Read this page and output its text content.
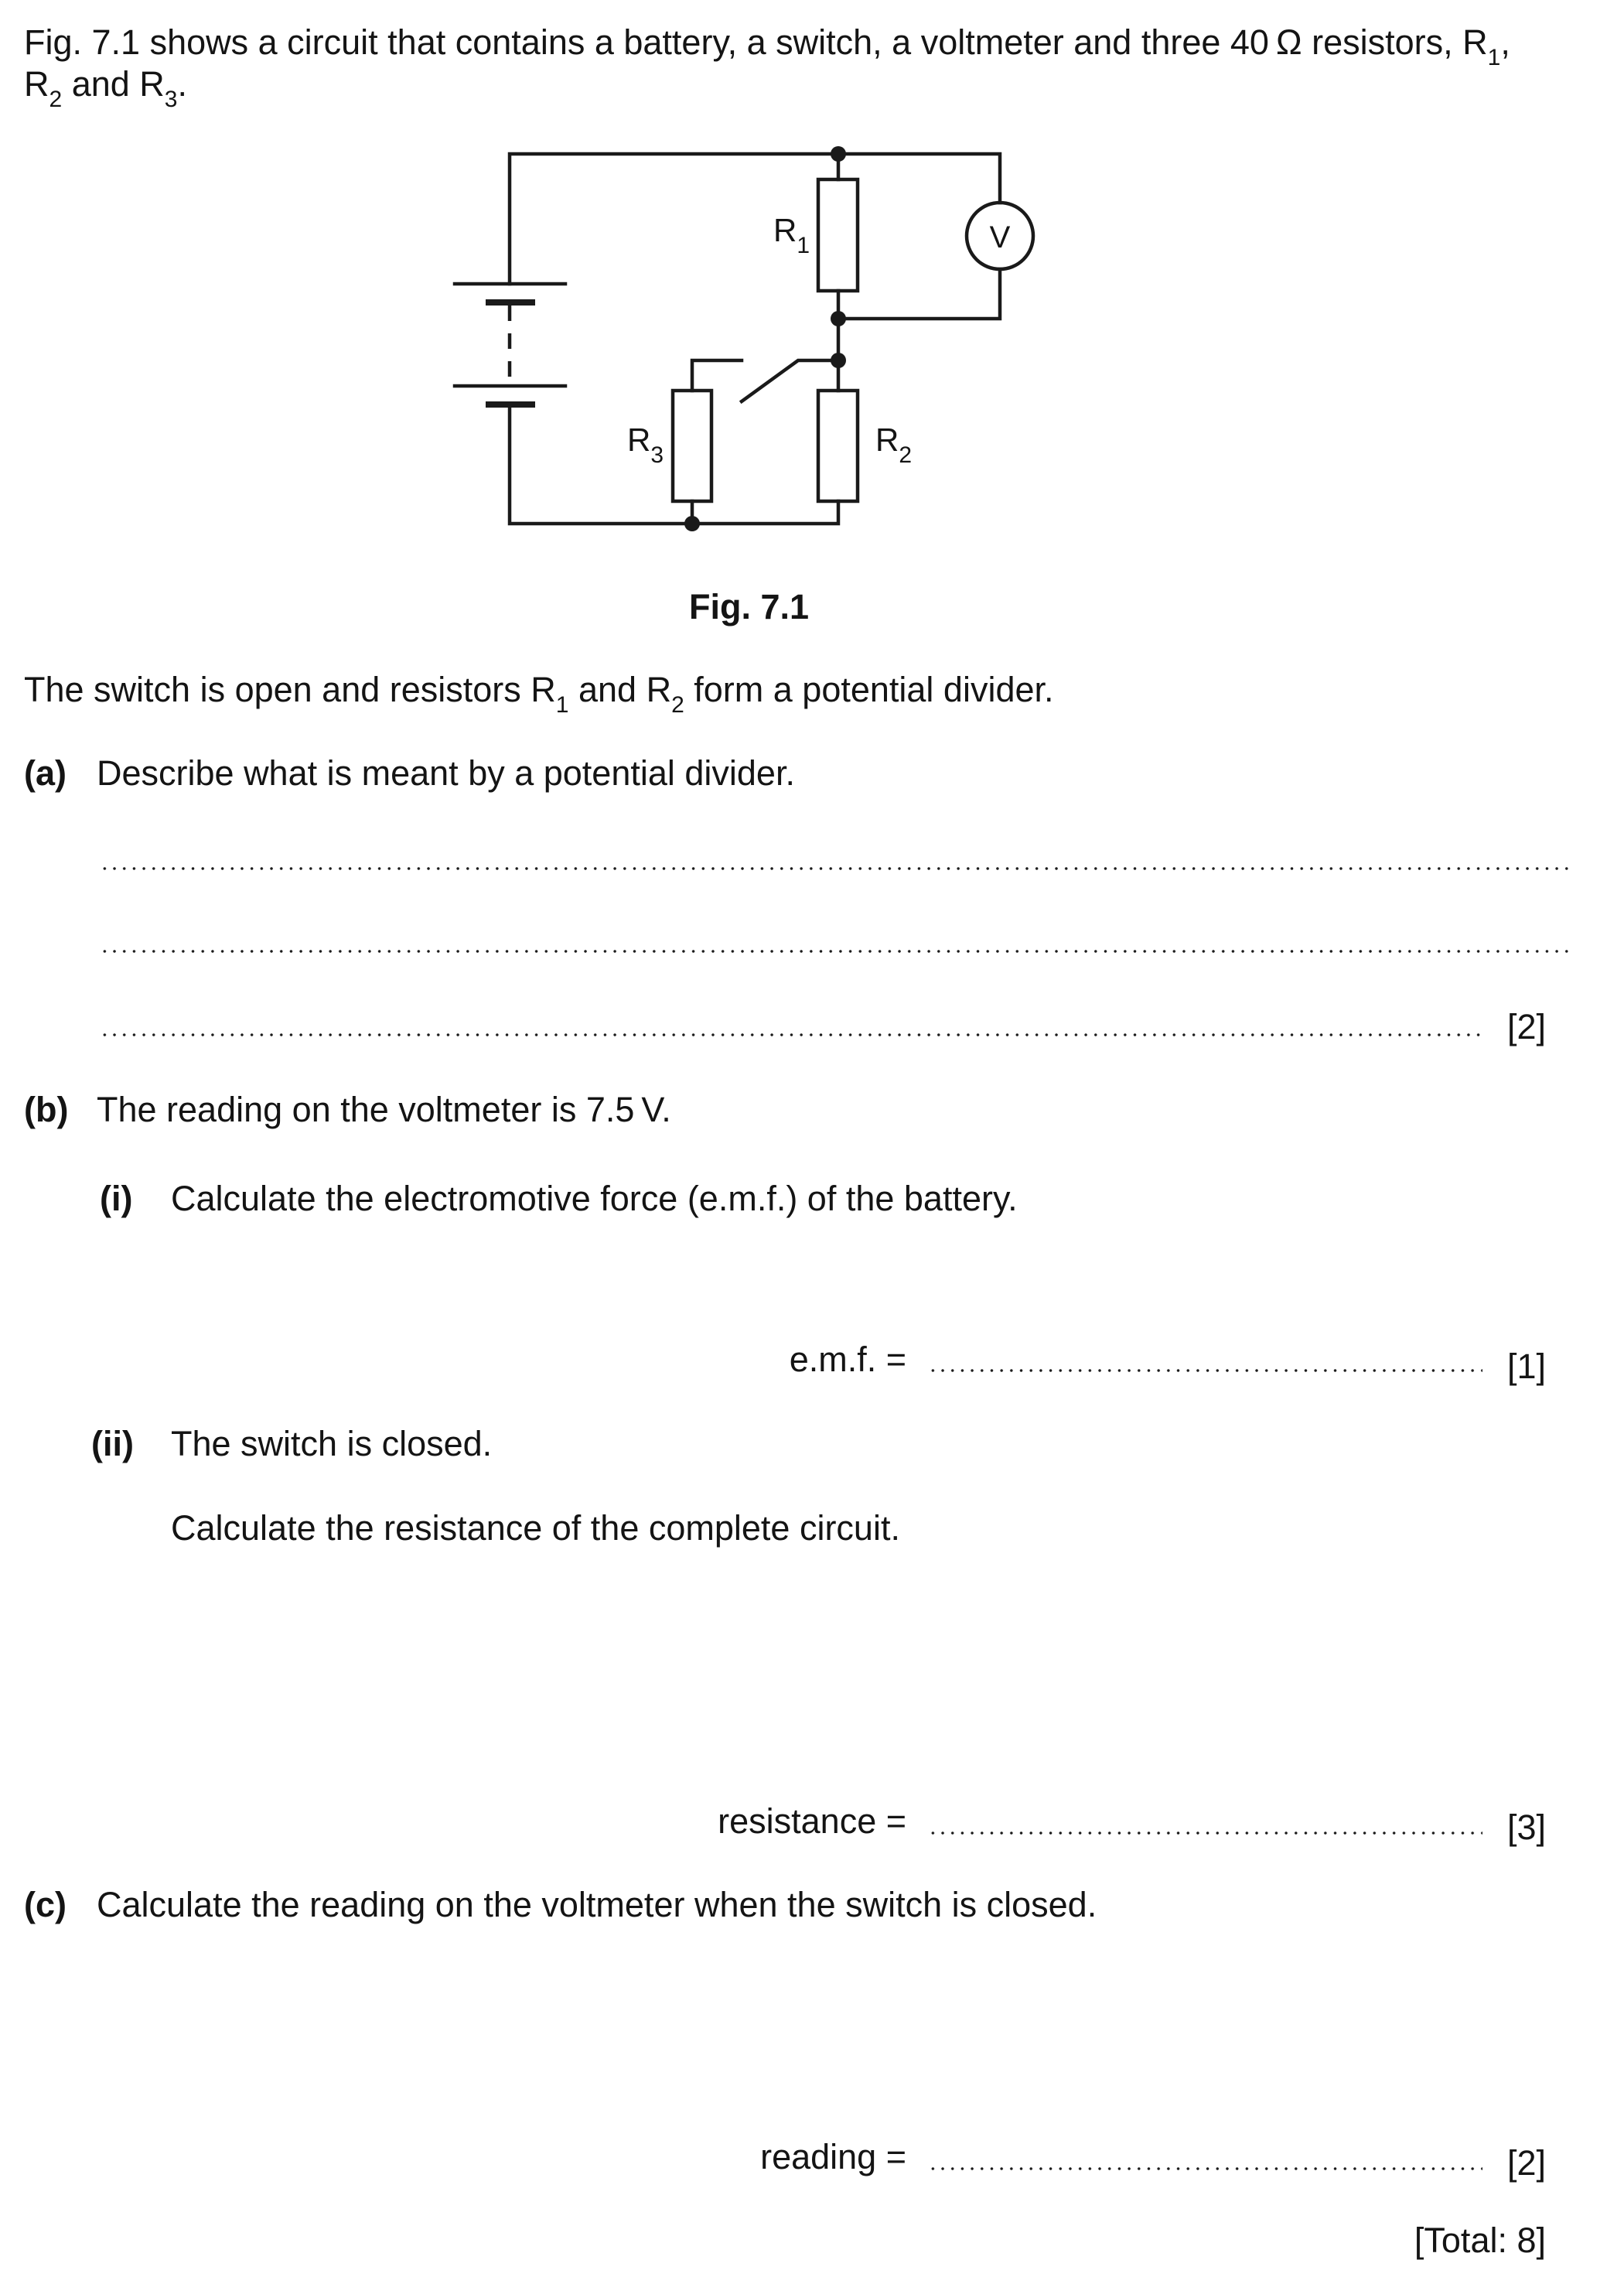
Fig. 7.1 shows a circuit that contains a battery, a switch, a voltmeter and three 40 Ω resistors, $R_1$,
$R_2$ and $R_3$.
V
$R_1$
$R_3$	$R_2$
Fig. 7.1
The switch is open and resistors $R_1$ and $R_2$ form a potential divider.
(a) Describe what is meant by a potential divider.
[2]
(b) The reading on the voltmeter is 7.5 V.
(i) Calculate the electromotive force (e.m.f.) of the battery.
e.m.f. =	[1]
(ii) The switch is closed.
Calculate the resistance of the complete circuit.
resistance =	[3]
(c) Calculate the reading on the voltmeter when the switch is closed.
reading =	[2]
[Total: 8]
